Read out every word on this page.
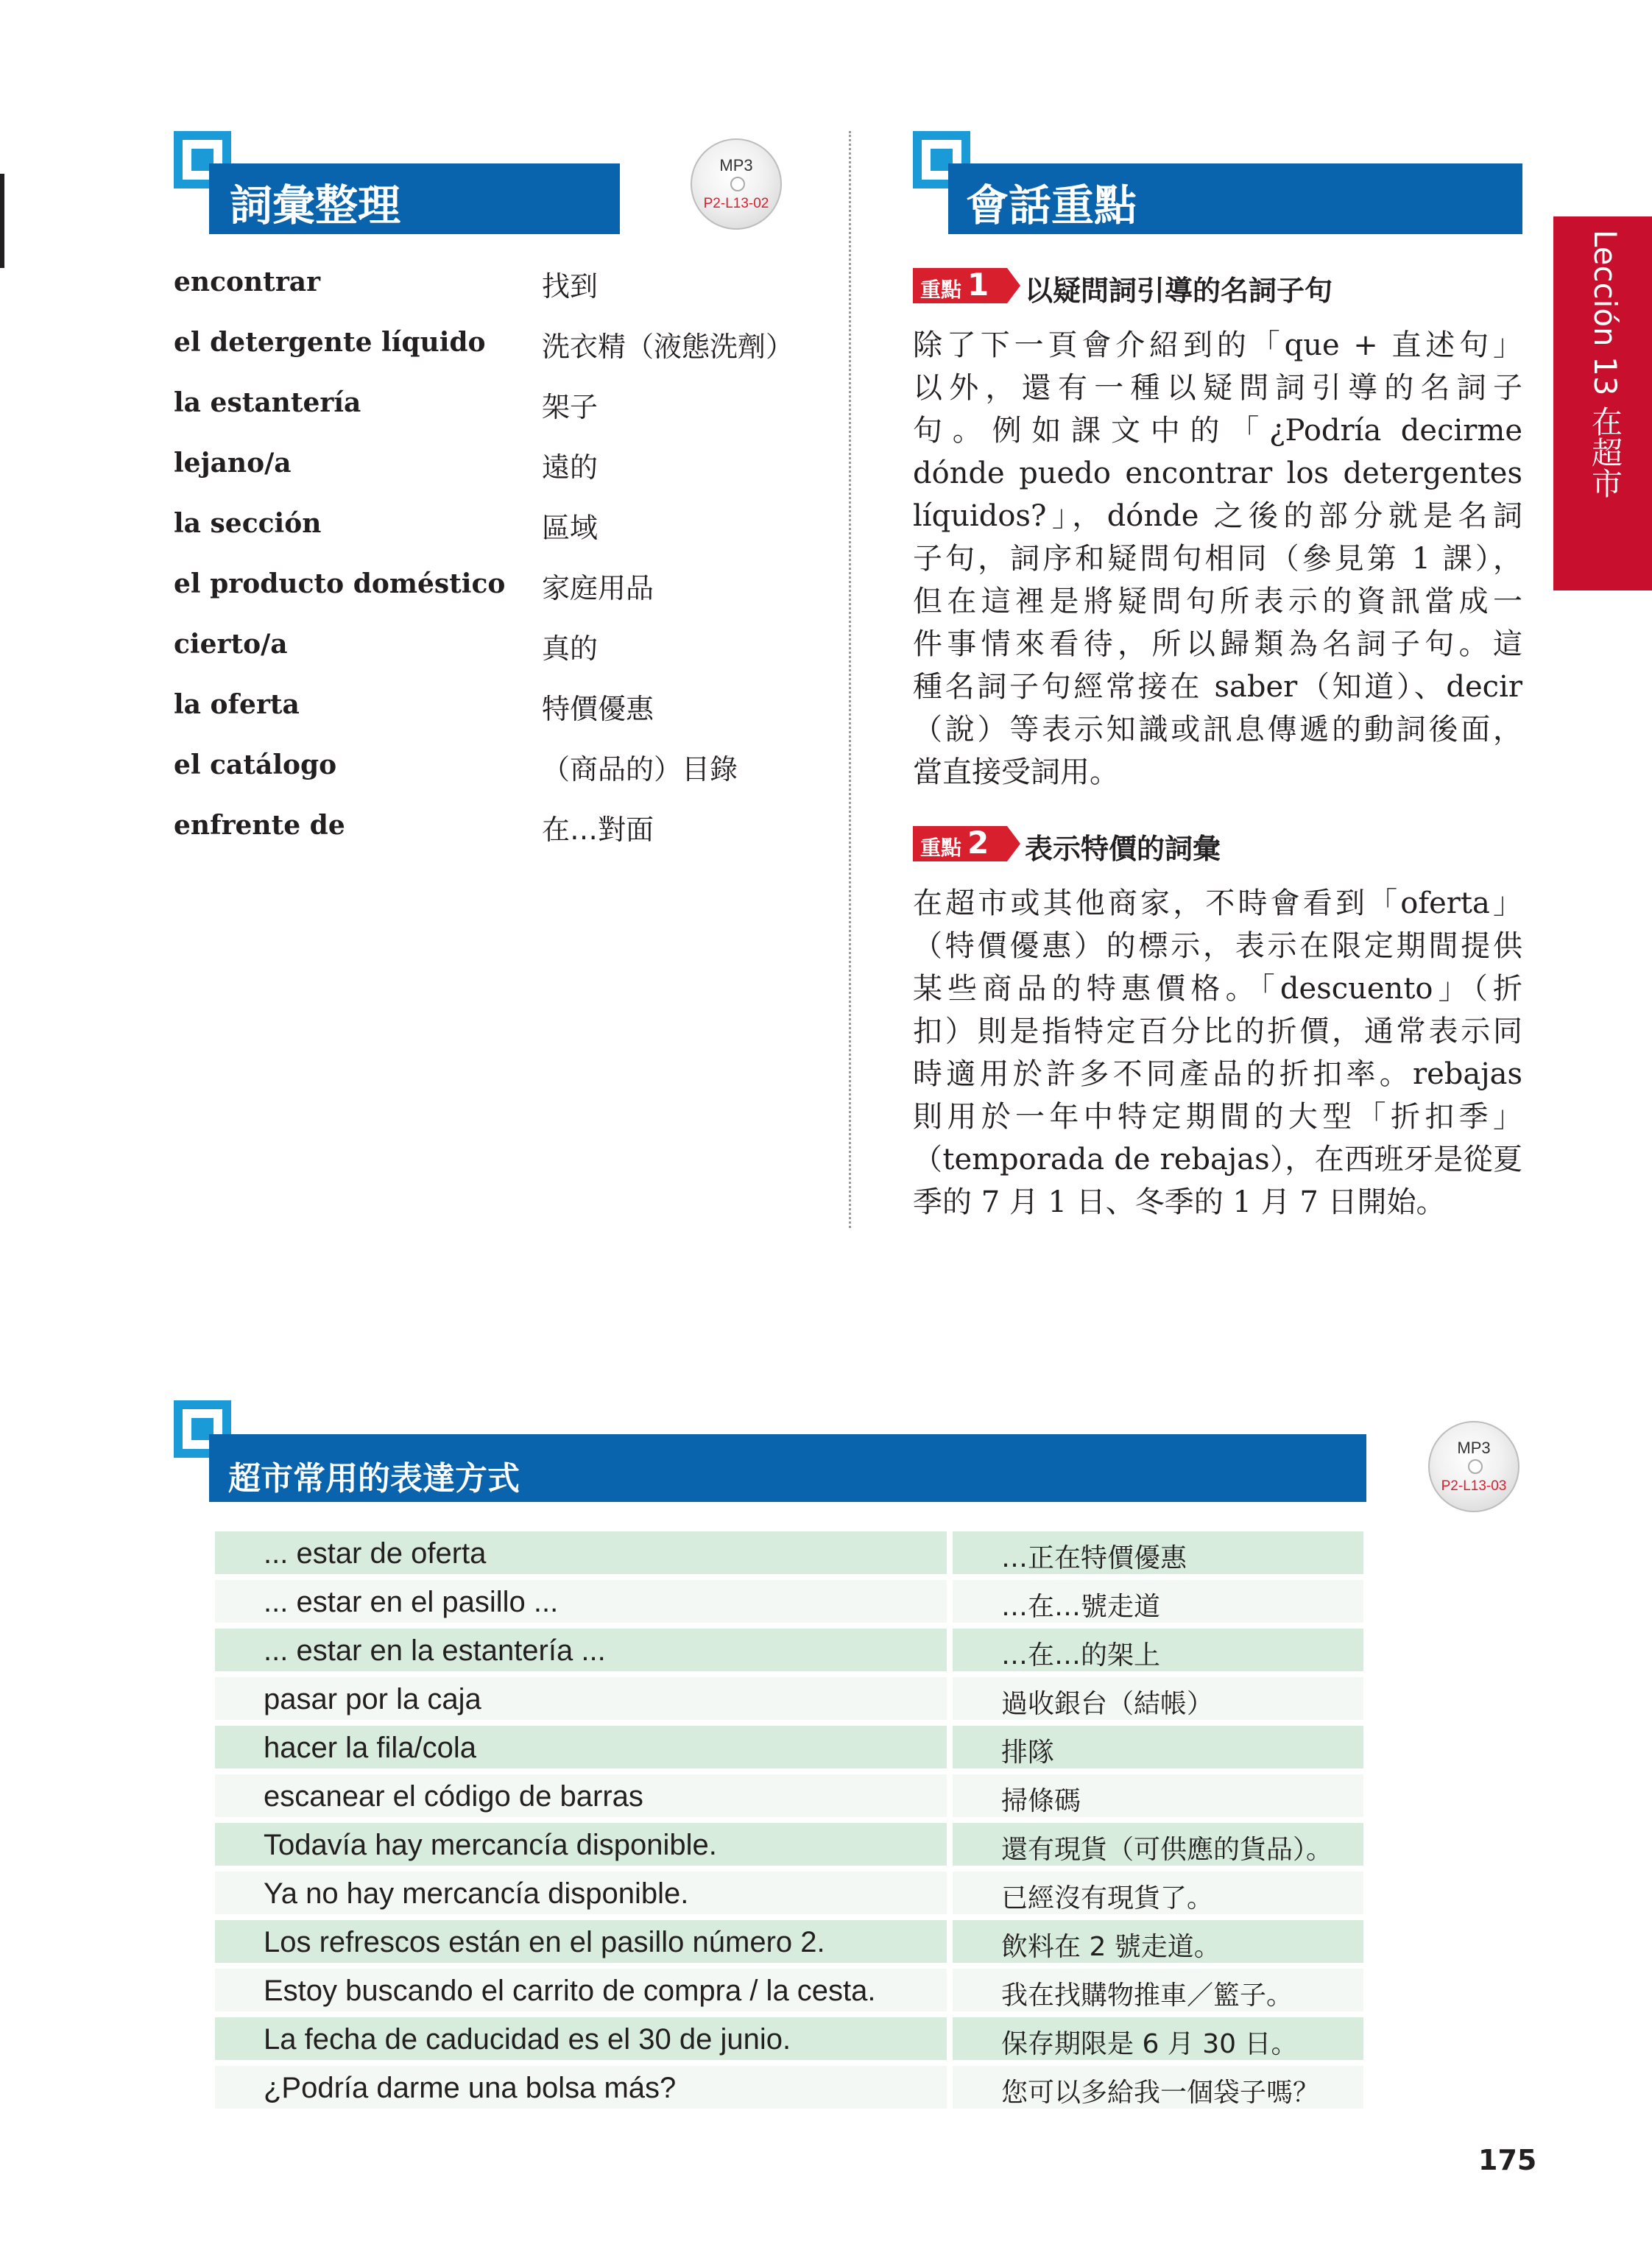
詞彙整理
MP3
P2-L13-02
encontrar	找到
el detergente líquido 洗衣精（液態洗劑）
la estantería	架子
lejano/a	遠的
la sección	區域
el producto doméstico 家庭用品
cierto/a	真的
la oferta	特價優惠
el catálogo	（商品的）目錄
enfrente de	在…對面
會話重點
重點 1 以疑問詞引導的名詞子句
除了下一頁會介紹到的「que + 直述句」
以外，還有一種以疑問詞引導的名詞子
句。例如課文中的「¿Podría decirme
dónde puedo encontrar los detergentes
líquidos?」，dónde 之後的部分就是名詞
子句，詞序和疑問句相同（參見第 1 課），
但在這裡是將疑問句所表示的資訊當成一
件事情來看待，所以歸類為名詞子句。這
種名詞子句經常接在 saber（知道）、decir
（說）等表示知識或訊息傳遞的動詞後面，
當直接受詞用。
重點 2 表示特價的詞彙
在超市或其他商家，不時會看到「oferta」
（特價優惠）的標示，表示在限定期間提供
某些商品的特惠價格。「descuento」（折
扣）則是指特定百分比的折價，通常表示同
時適用於許多不同產品的折扣率。rebajas
則用於一年中特定期間的大型「折扣季」
（temporada de rebajas），在西班牙是從夏
季的 7 月 1 日、冬季的 1 月 7 日開始。
Lección 13 在超市
超市常用的表達方式
MP3
P2-L13-03
... estar de oferta	…正在特價優惠
... estar en el pasillo ...	…在…號走道
... estar en la estantería ...	…在…的架上
pasar por la caja	過收銀台（結帳）
hacer la fila/cola	排隊
escanear el código de barras	掃條碼
Todavía hay mercancía disponible.	還有現貨（可供應的貨品）。
Ya no hay mercancía disponible.	已經沒有現貨了。
Los refrescos están en el pasillo número 2.	飲料在 2 號走道。
Estoy buscando el carrito de compra / la cesta.	我在找購物推車／籃子。
La fecha de caducidad es el 30 de junio.	保存期限是 6 月 30 日。
¿Podría darme una bolsa más?	您可以多給我一個袋子嗎？
175
